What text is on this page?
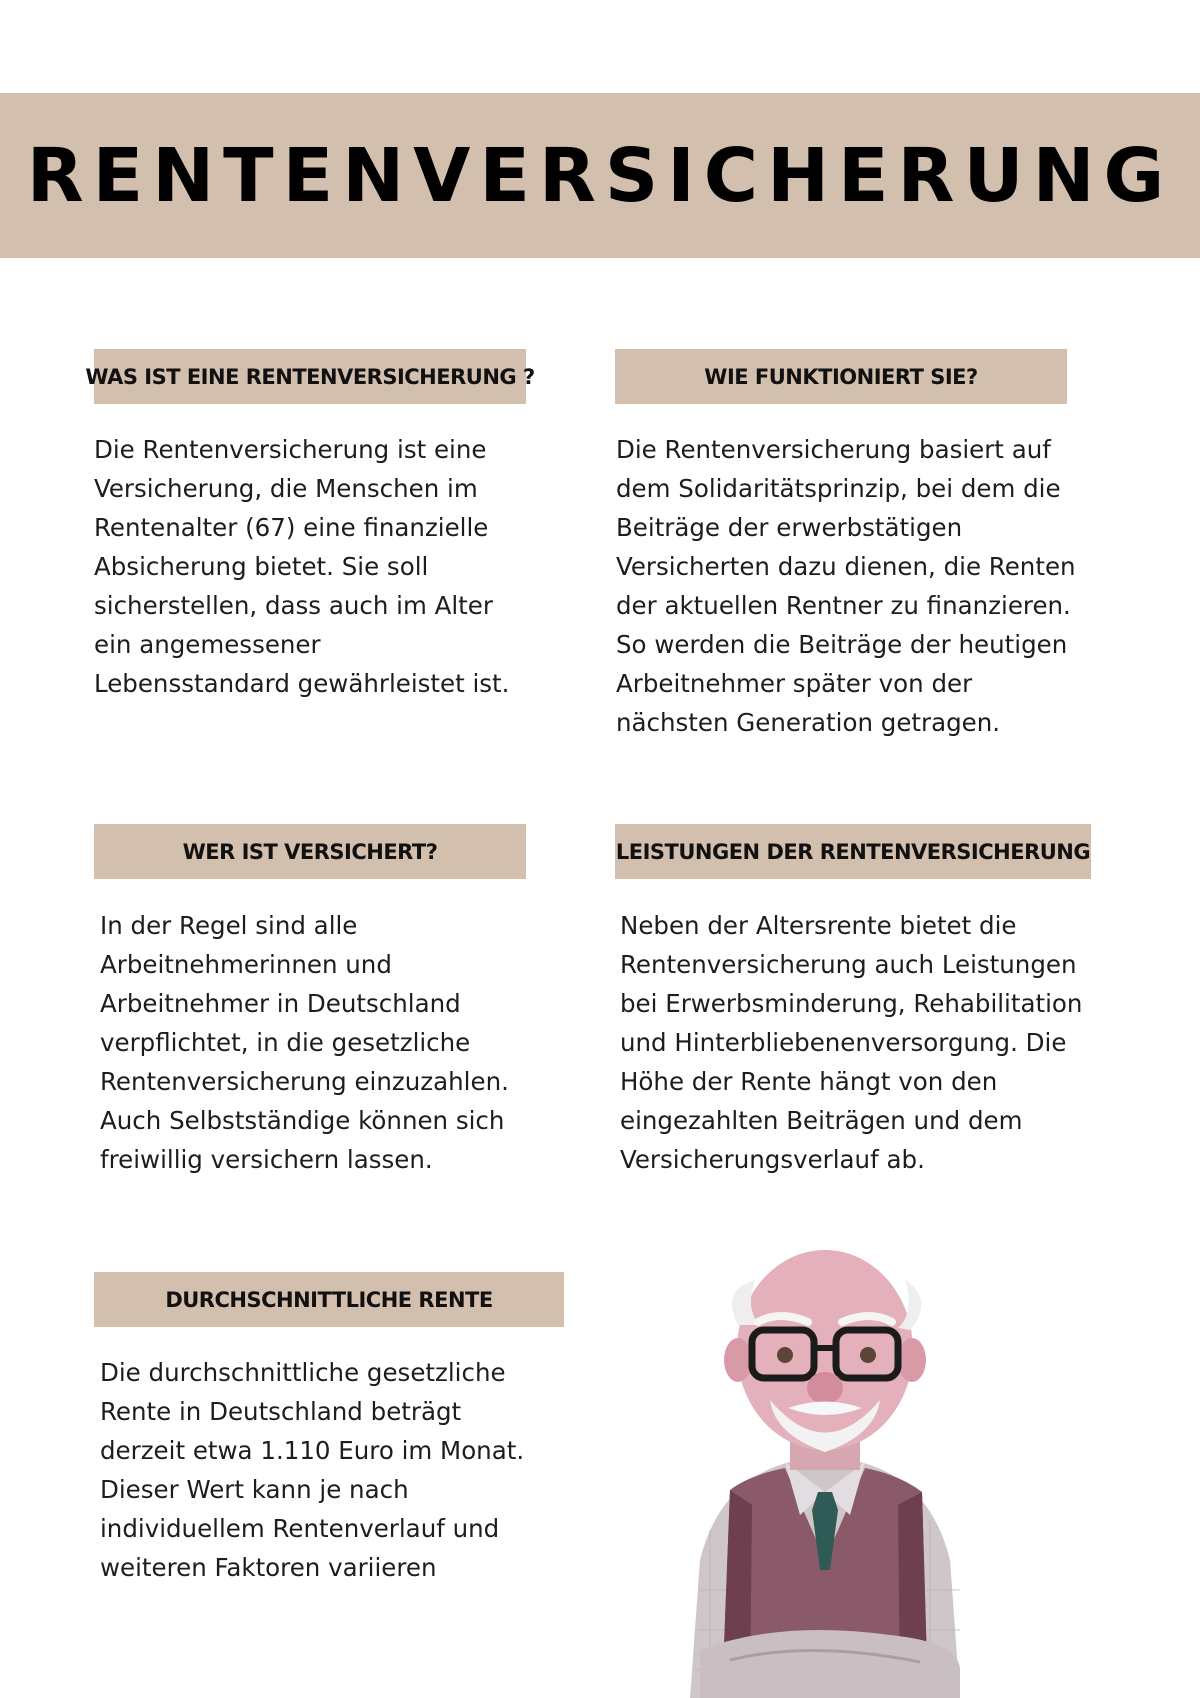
RENTENVERSICHERUNG
WAS IST EINE RENTENVERSICHERUNG ?

Die Rentenversicherung ist eine Versicherung, die Menschen im Rentenalter (67) eine finanzielle Absicherung bietet. Sie soll sicherstellen, dass auch im Alter ein angemessener Lebensstandard gewährleistet ist.

WIE FUNKTIONIERT SIE?

Die Rentenversicherung basiert auf dem Solidaritätsprinzip, bei dem die Beiträge der erwerbstätigen Versicherten dazu dienen, die Renten der aktuellen Rentner zu finanzieren. So werden die Beiträge der heutigen Arbeitnehmer später von der nächsten Generation getragen.

WER IST VERSICHERT?

In der Regel sind alle Arbeitnehmerinnen und Arbeitnehmer in Deutschland verpflichtet, in die gesetzliche Rentenversicherung einzuzahlen. Auch Selbstständige können sich freiwillig versichern lassen.

LEISTUNGEN DER RENTENVERSICHERUNG

Neben der Altersrente bietet die Rentenversicherung auch Leistungen bei Erwerbsminderung, Rehabilitation und Hinterbliebenenversorgung. Die Höhe der Rente hängt von den eingezahlten Beiträgen und dem Versicherungsverlauf ab.

DURCHSCHNITTLICHE RENTE

Die durchschnittliche gesetzliche Rente in Deutschland beträgt derzeit etwa 1.110 Euro im Monat. Dieser Wert kann je nach individuellem Rentenverlauf und weiteren Faktoren variieren
